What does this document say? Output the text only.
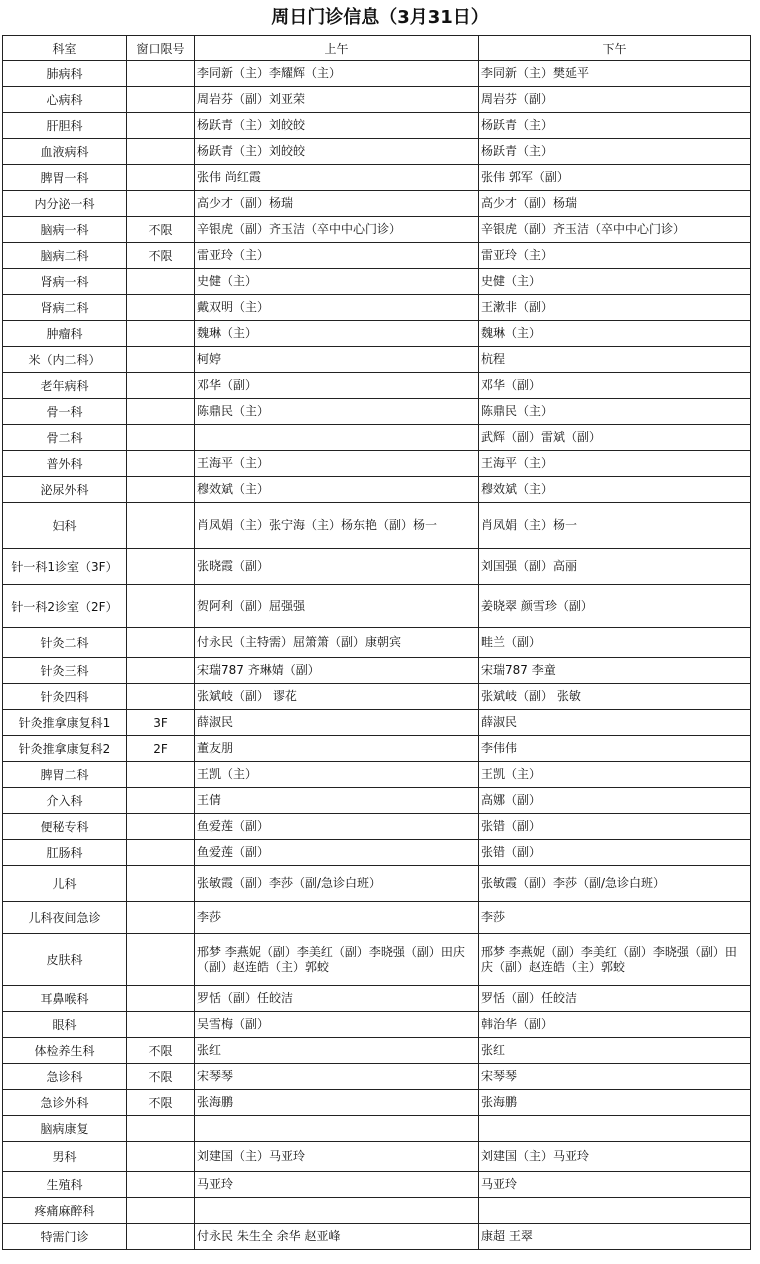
周日门诊信息（3月31日）
科室	窗口限号	上午	下午
肺病科		李同新（主）李耀辉（主）	李同新（主）樊延平
心病科		周岩芬（副）刘亚荣	周岩芬（副）
肝胆科		杨跃青（主）刘皎皎	杨跃青（主）
血液病科		杨跃青（主）刘皎皎	杨跃青（主）
脾胃一科		张伟 尚红霞	张伟 郭军（副）
内分泌一科		高少才（副）杨瑞	高少才（副）杨瑞
脑病一科	不限	辛银虎（副）齐玉洁（卒中中心门诊）	辛银虎（副）齐玉洁（卒中中心门诊）
脑病二科	不限	雷亚玲（主）	雷亚玲（主）
肾病一科		史健（主）	史健（主）
肾病二科		戴双明（主）	王漱非（副）
肿瘤科		魏琳（主）	魏琳（主）
米（内二科）		柯婷	杭程
老年病科		邓华（副）	邓华（副）
骨一科		陈鼎民（主）	陈鼎民（主）
骨二科			武辉（副）雷斌（副）
普外科		王海平（主）	王海平（主）
泌尿外科		穆效斌（主）	穆效斌（主）
妇科		肖凤娟（主）张宁海（主）杨东艳（副）杨一	肖凤娟（主）杨一
针一科1诊室（3F）		张晓霞（副）	刘国强（副）高丽
针一科2诊室（2F）		贺阿利（副）屈强强	姜晓翠 颜雪珍（副）
针灸二科		付永民（主特需）屈箫箫（副）康朝宾	畦兰（副）
针灸三科		宋瑞787 齐琳婧（副）	宋瑞787 李童
针灸四科		张斌岐（副） 谬花	张斌岐（副） 张敏
针灸推拿康复科1	3F	薛淑民	薛淑民
针灸推拿康复科2	2F	董友朋	李伟伟
脾胃二科		王凯（主）	王凯（主）
介入科		王倩	高娜（副）
便秘专科		鱼爱莲（副）	张错（副）
肛肠科		鱼爱莲（副）	张错（副）
儿科		张敏霞（副）李莎（副/急诊白班）	张敏霞（副）李莎（副/急诊白班）
儿科夜间急诊		李莎	李莎
皮肤科		邢梦 李燕妮（副）李美红（副）李晓强（副）田庆（副）赵连皓（主）郭蛟	邢梦 李燕妮（副）李美红（副）李晓强（副）田庆（副）赵连皓（主）郭蛟
耳鼻喉科		罗恬（副）任皎洁	罗恬（副）任皎洁
眼科		吴雪梅（副）	韩治华（副）
体检养生科	不限	张红	张红
急诊科	不限	宋琴琴	宋琴琴
急诊外科	不限	张海鹏	张海鹏
脑病康复			
男科		刘建国（主）马亚玲	刘建国（主）马亚玲
生殖科		马亚玲	马亚玲
疼痛麻醉科			
特需门诊		付永民 朱生全 余华 赵亚峰	康超 王翠
